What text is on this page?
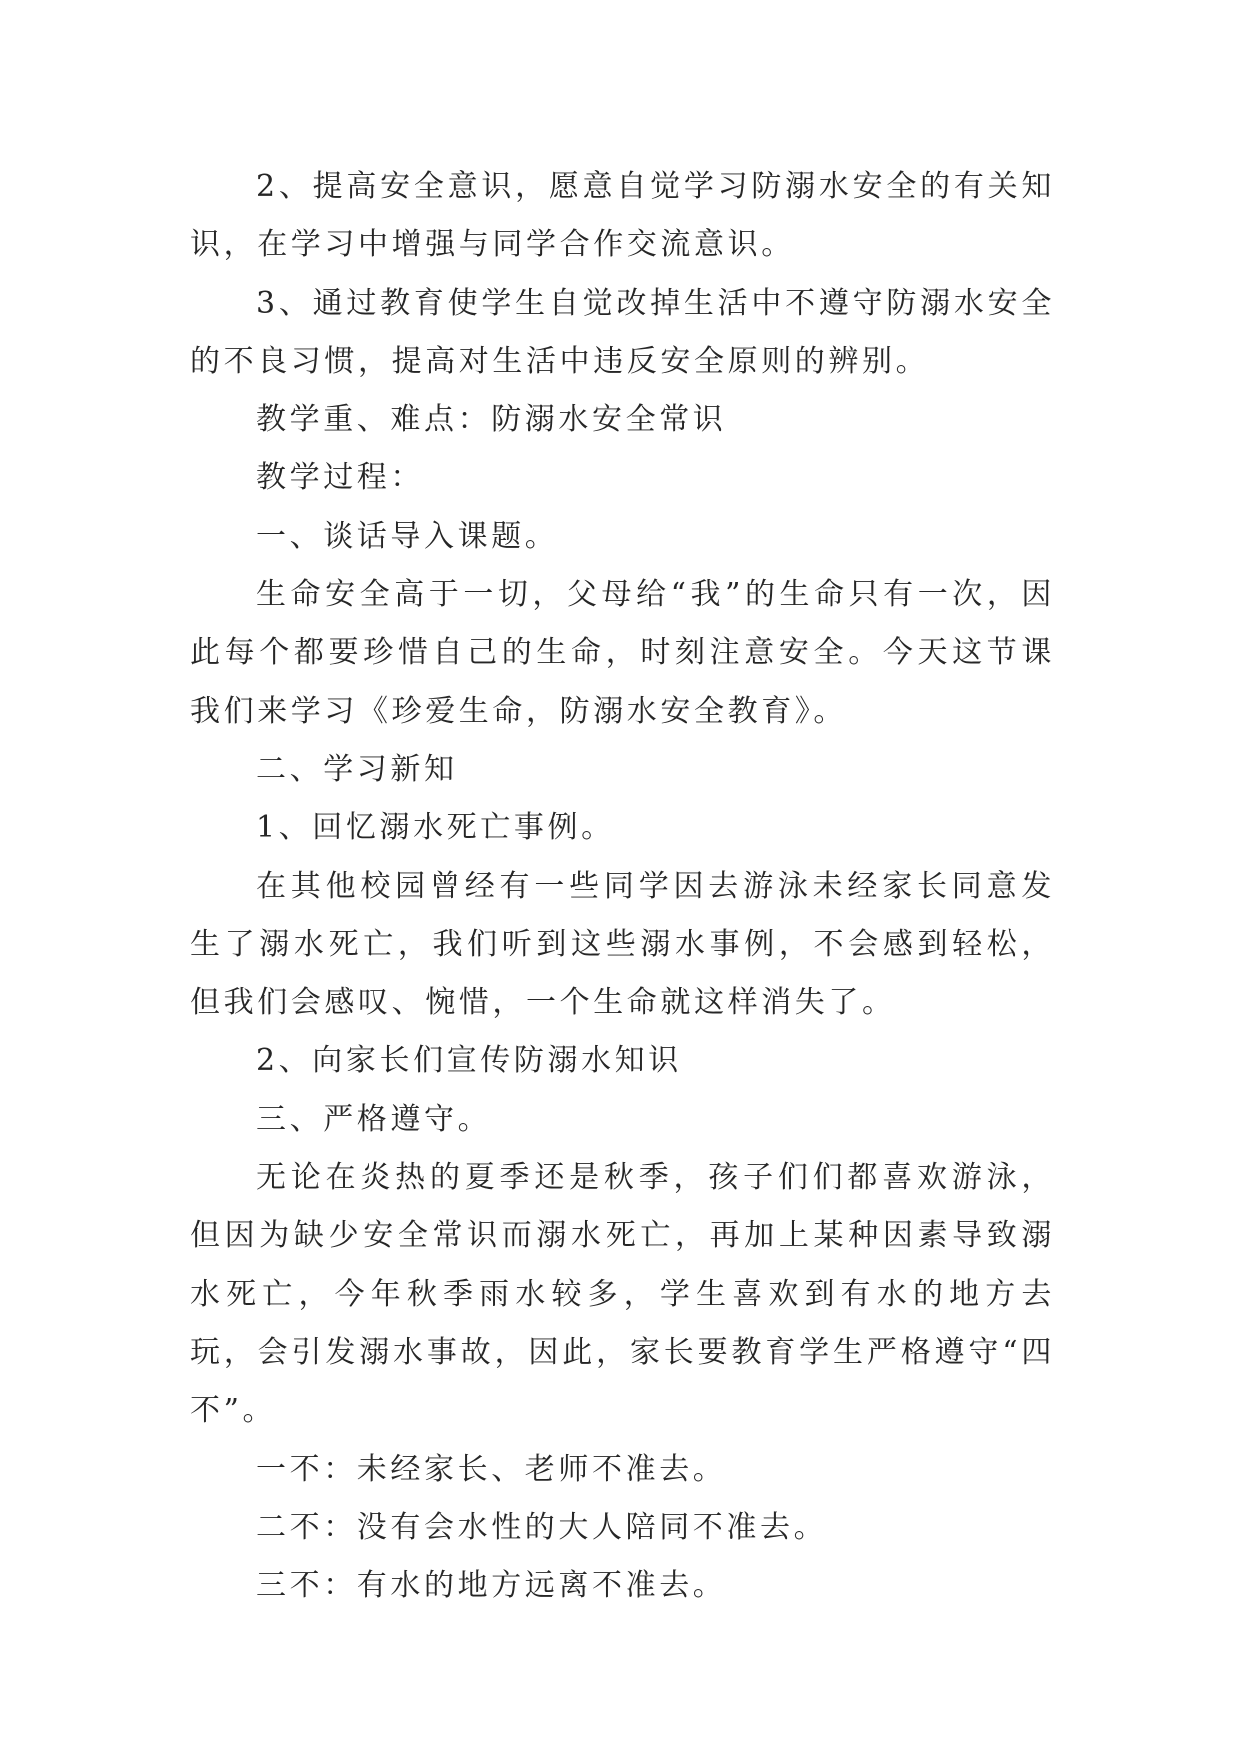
2、提高安全意识，愿意自觉学习防溺水安全的有关知识，在学习中增强与同学合作交流意识。

3、通过教育使学生自觉改掉生活中不遵守防溺水安全的不良习惯，提高对生活中违反安全原则的辨别。

教学重、难点：防溺水安全常识

教学过程：

一、谈话导入课题。

生命安全高于一切，父母给“我”的生命只有一次，因此每个都要珍惜自己的生命，时刻注意安全。今天这节课我们来学习《珍爱生命，防溺水安全教育》。

二、学习新知

1、回忆溺水死亡事例。

在其他校园曾经有一些同学因去游泳未经家长同意发生了溺水死亡，我们听到这些溺水事例，不会感到轻松，但我们会感叹、惋惜，一个生命就这样消失了。

2、向家长们宣传防溺水知识

三、严格遵守。

无论在炎热的夏季还是秋季，孩子们们都喜欢游泳，但因为缺少安全常识而溺水死亡，再加上某种因素导致溺水死亡，今年秋季雨水较多，学生喜欢到有水的地方去玩，会引发溺水事故，因此，家长要教育学生严格遵守“四不”。

一不：未经家长、老师不准去。

二不：没有会水性的大人陪同不准去。

三不：有水的地方远离不准去。
